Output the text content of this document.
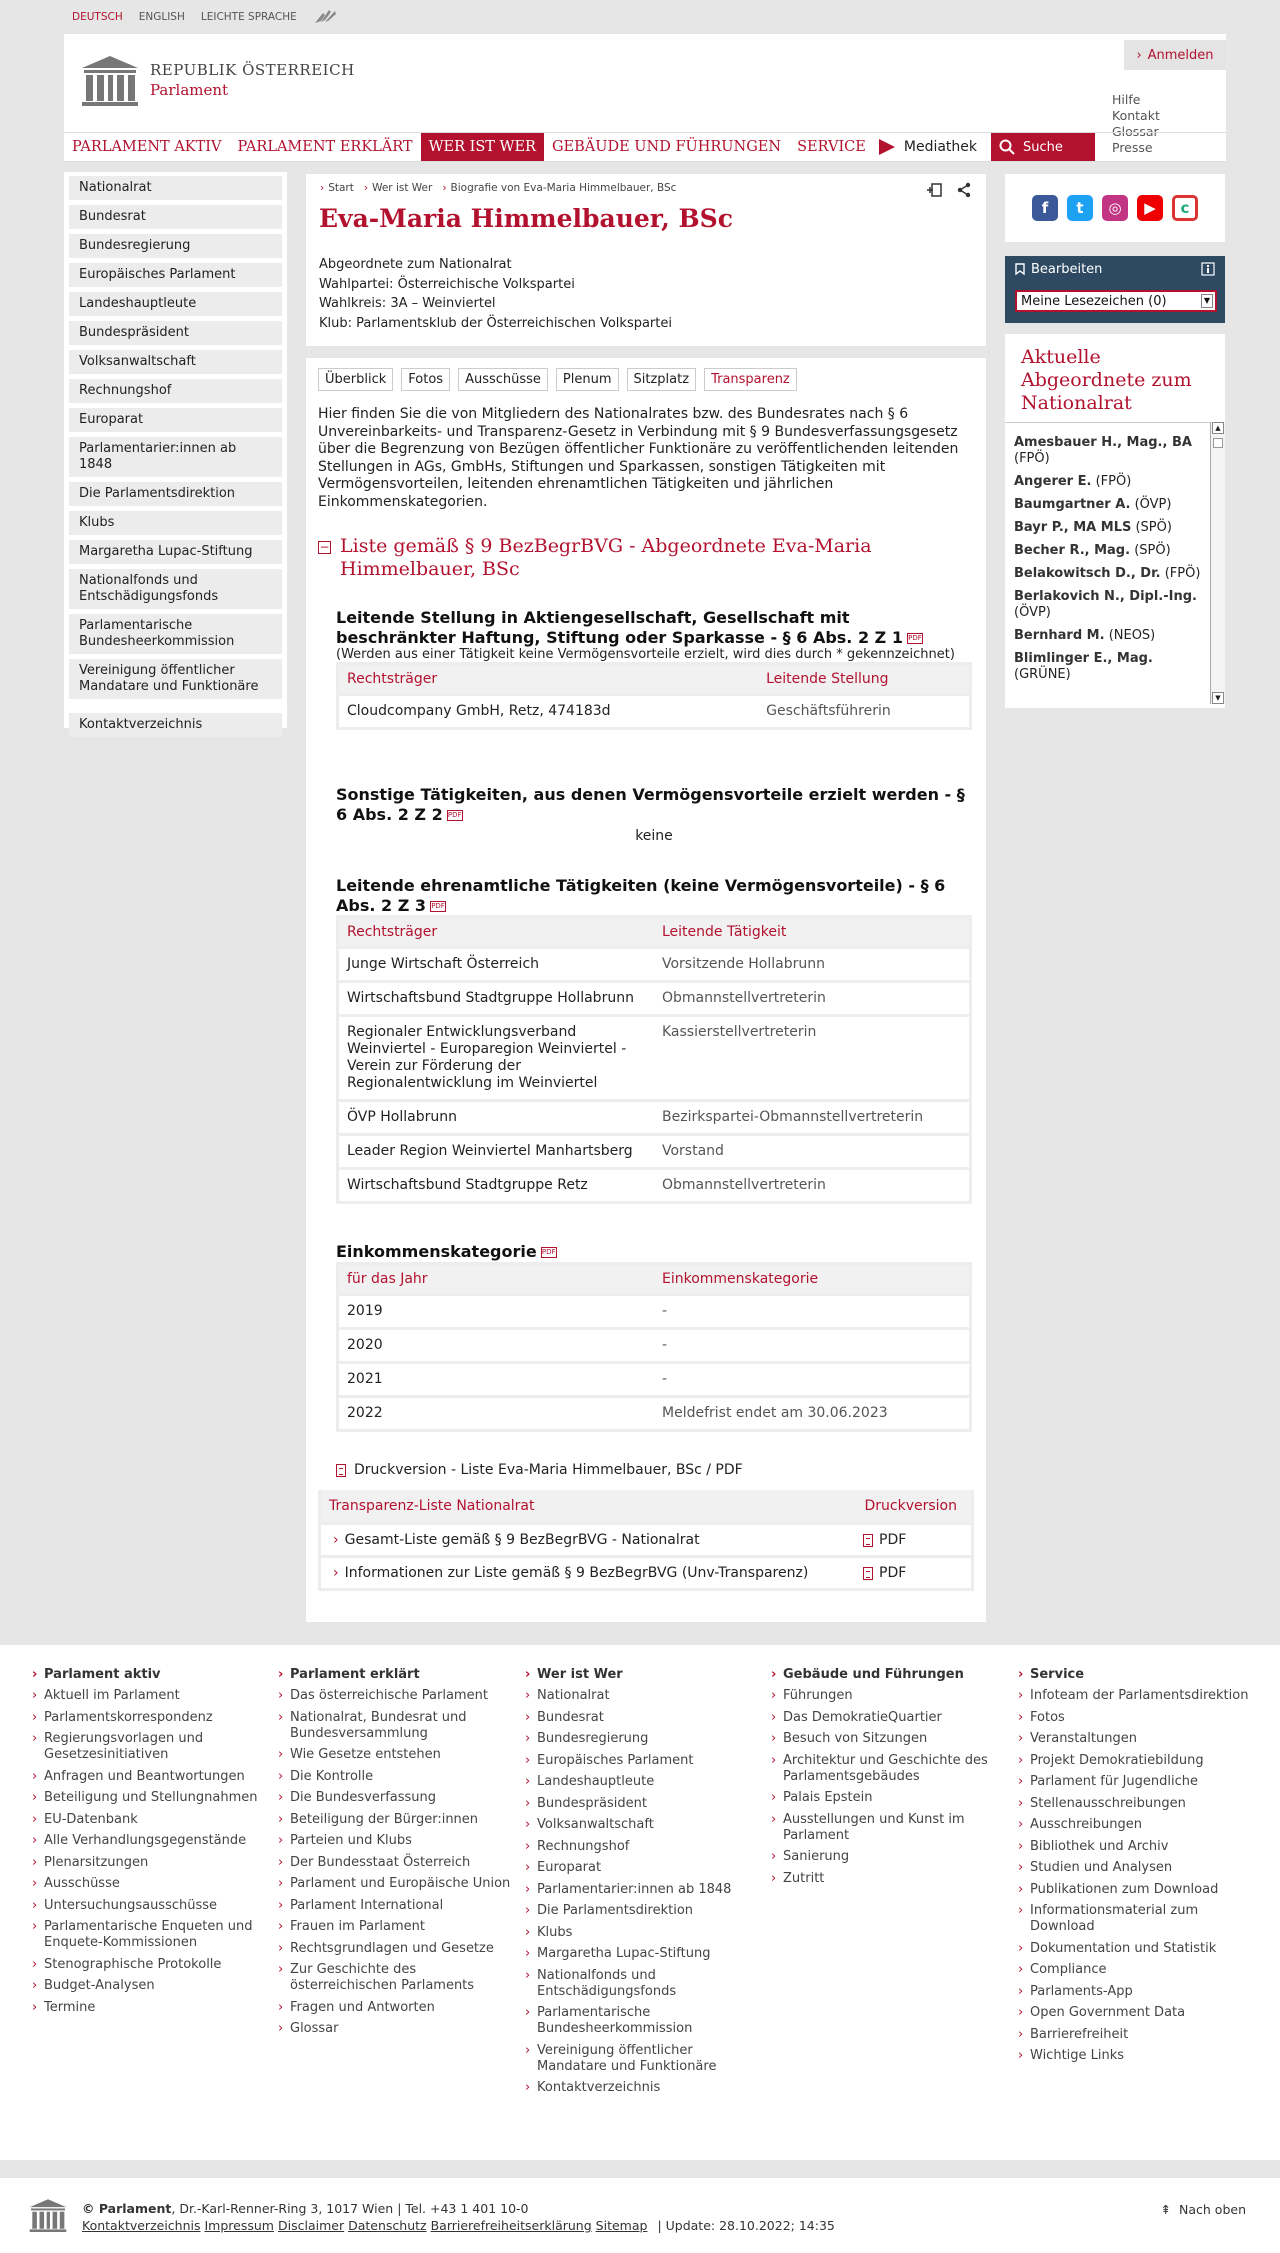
DEUTSCH ENGLISH LEICHTE SPRACHE
REPUBLIK ÖSTERREICH
Parlament
› Anmelden
Hilfe
Kontakt
Glossar
Presse
PARLAMENT AKTIV	PARLAMENT ERKLÄRT	WER IST WER	GEBÄUDE UND FÜHRUNGEN	SERVICE	Mediathek	Suche
Nationalrat
Bundesrat
Bundesregierung
Europäisches Parlament
Landeshauptleute
Bundespräsident
Volksanwaltschaft
Rechnungshof
Europarat
Parlamentarier:innen ab 1848
Die Parlamentsdirektion
Klubs
Margaretha Lupac-Stiftung
Nationalfonds und Entschädigungsfonds
Parlamentarische Bundesheerkommission
Vereinigung öffentlicher Mandatare und Funktionäre
Kontaktverzeichnis
› Start	› Wer ist Wer	› Biografie von Eva-Maria Himmelbauer, BSc
Eva-Maria Himmelbauer, BSc
Abgeordnete zum Nationalrat
Wahlpartei: Österreichische Volkspartei
Wahlkreis: 3A – Weinviertel
Klub: Parlamentsklub der Österreichischen Volkspartei
Überblick	Fotos	Ausschüsse	Plenum	Sitzplatz	Transparenz

Hier finden Sie die von Mitgliedern des Nationalrates bzw. des Bundesrates nach § 6 Unvereinbarkeits- und Transparenz-Gesetz in Verbindung mit § 9 Bundesverfassungsgesetz über die Begrenzung von Bezügen öffentlicher Funktionäre zu veröffentlichenden leitenden Stellungen in AGs, GmbHs, Stiftungen und Sparkassen, sonstigen Tätigkeiten mit Vermögensvorteilen, leitenden ehrenamtlichen Tätigkeiten und jährlichen Einkommenskategorien.

− Liste gemäß § 9 BezBegrBVG - Abgeordnete Eva-Maria Himmelbauer, BSc
Leitende Stellung in Aktiengesellschaft, Gesellschaft mit beschränkter Haftung, Stiftung oder Sparkasse - § 6 Abs. 2 Z 1 PDF
(Werden aus einer Tätigkeit keine Vermögensvorteile erzielt, wird dies durch * gekennzeichnet)
Rechtsträger	Leitende Stellung
Cloudcompany GmbH, Retz, 474183d	Geschäftsführerin
Sonstige Tätigkeiten, aus denen Vermögensvorteile erzielt werden - § 6 Abs. 2 Z 2 PDF
keine
Leitende ehrenamtliche Tätigkeiten (keine Vermögensvorteile) - § 6 Abs. 2 Z 3 PDF
Rechtsträger	Leitende Tätigkeit
Junge Wirtschaft Österreich	Vorsitzende Hollabrunn
Wirtschaftsbund Stadtgruppe Hollabrunn	Obmannstellvertreterin
Regionaler Entwicklungsverband Weinviertel - Europaregion Weinviertel - Verein zur Förderung der Regionalentwicklung im Weinviertel	Kassierstellvertreterin
ÖVP Hollabrunn	Bezirkspartei-Obmannstellvertreterin
Leader Region Weinviertel Manhartsberg	Vorstand
Wirtschaftsbund Stadtgruppe Retz	Obmannstellvertreterin
Einkommenskategorie PDF
für das Jahr	Einkommenskategorie
2019	-
2020	-
2021	-
2022	Meldefrist endet am 30.06.2023
Druckversion - Liste Eva-Maria Himmelbauer, BSc / PDF
Transparenz-Liste Nationalrat	Druckversion
› Gesamt-Liste gemäß § 9 BezBegrBVG - Nationalrat	PDF
› Informationen zur Liste gemäß § 9 BezBegrBVG (Unv-Transparenz)	PDF
f	t	◎	▶	c
Bearbeiten
Meine Lesezeichen (0)	▼
Aktuelle Abgeordnete zum Nationalrat
Amesbauer H., Mag., BA (FPÖ)
Angerer E. (FPÖ)
Baumgartner A. (ÖVP)
Bayr P., MA MLS (SPÖ)
Becher R., Mag. (SPÖ)
Belakowitsch D., Dr. (FPÖ)
Berlakovich N., Dipl.-Ing. (ÖVP)
Bernhard M. (NEOS)
Blimlinger E., Mag. (GRÜNE)
▲
▼
› Parlament aktiv
› Aktuell im Parlament
› Parlamentskorrespondenz
› Regierungsvorlagen und Gesetzesinitiativen
› Anfragen und Beantwortungen
› Beteiligung und Stellungnahmen
› EU-Datenbank
› Alle Verhandlungsgegenstände
› Plenarsitzungen
› Ausschüsse
› Untersuchungsausschüsse
› Parlamentarische Enqueten und Enquete-Kommissionen
› Stenographische Protokolle
› Budget-Analysen
› Termine
› Parlament erklärt
› Das österreichische Parlament
› Nationalrat, Bundesrat und Bundesversammlung
› Wie Gesetze entstehen
› Die Kontrolle
› Die Bundesverfassung
› Beteiligung der Bürger:innen
› Parteien und Klubs
› Der Bundesstaat Österreich
› Parlament und Europäische Union
› Parlament International
› Frauen im Parlament
› Rechtsgrundlagen und Gesetze
› Zur Geschichte des österreichischen Parlaments
› Fragen und Antworten
› Glossar
› Wer ist Wer
› Nationalrat
› Bundesrat
› Bundesregierung
› Europäisches Parlament
› Landeshauptleute
› Bundespräsident
› Volksanwaltschaft
› Rechnungshof
› Europarat
› Parlamentarier:innen ab 1848
› Die Parlamentsdirektion
› Klubs
› Margaretha Lupac-Stiftung
› Nationalfonds und Entschädigungsfonds
› Parlamentarische Bundesheerkommission
› Vereinigung öffentlicher Mandatare und Funktionäre
› Kontaktverzeichnis
› Gebäude und Führungen
› Führungen
› Das DemokratieQuartier
› Besuch von Sitzungen
› Architektur und Geschichte des Parlamentsgebäudes
› Palais Epstein
› Ausstellungen und Kunst im Parlament
› Sanierung
› Zutritt
› Service
› Infoteam der Parlamentsdirektion
› Fotos
› Veranstaltungen
› Projekt Demokratiebildung
› Parlament für Jugendliche
› Stellenausschreibungen
› Ausschreibungen
› Bibliothek und Archiv
› Studien und Analysen
› Publikationen zum Download
› Informationsmaterial zum Download
› Dokumentation und Statistik
› Compliance
› Parlaments-App
› Open Government Data
› Barrierefreiheit
› Wichtige Links
© Parlament, Dr.-Karl-Renner-Ring 3, 1017 Wien | Tel. +43 1 401 10-0
Kontaktverzeichnis Impressum Disclaimer Datenschutz Barrierefreiheitserklärung Sitemap | Update: 28.10.2022; 14:35
⇞ Nach oben
